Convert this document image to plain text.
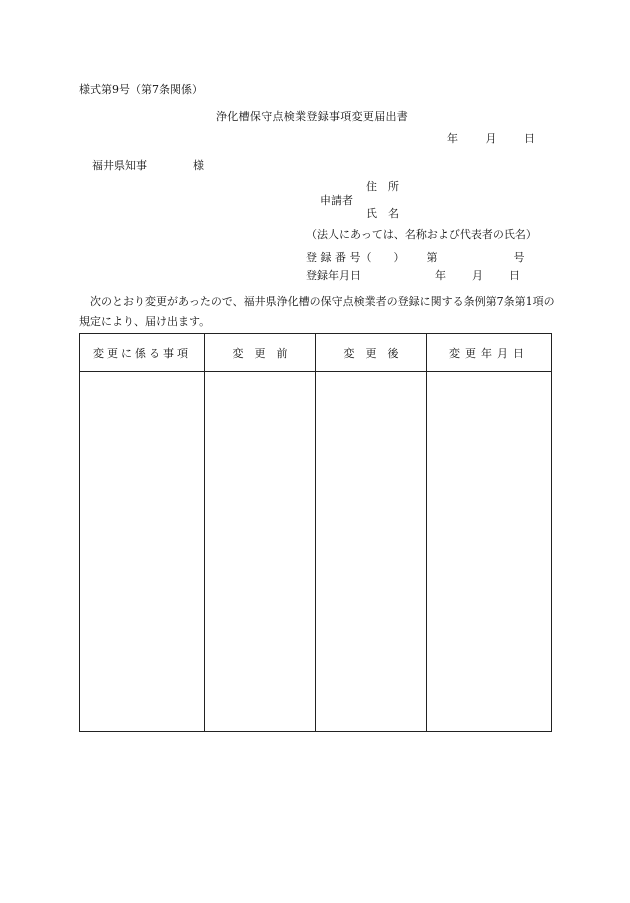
様式第9号（第7条関係）
浄化槽保守点検業登録事項変更届出書
年	月	日
福井県知事	様
住　所
申請者
氏　名
（法人にあっては、名称および代表者の氏名）
登 録 番 号（　　） 第	号
登録年月日	年 月 日
次のとおり変更があったので、福井県浄化槽の保守点検業者の登録に関する条例第7条第1項の規定により、届け出ます。
変更に係る事項	変　更　前	変　更　後	変更年月日
